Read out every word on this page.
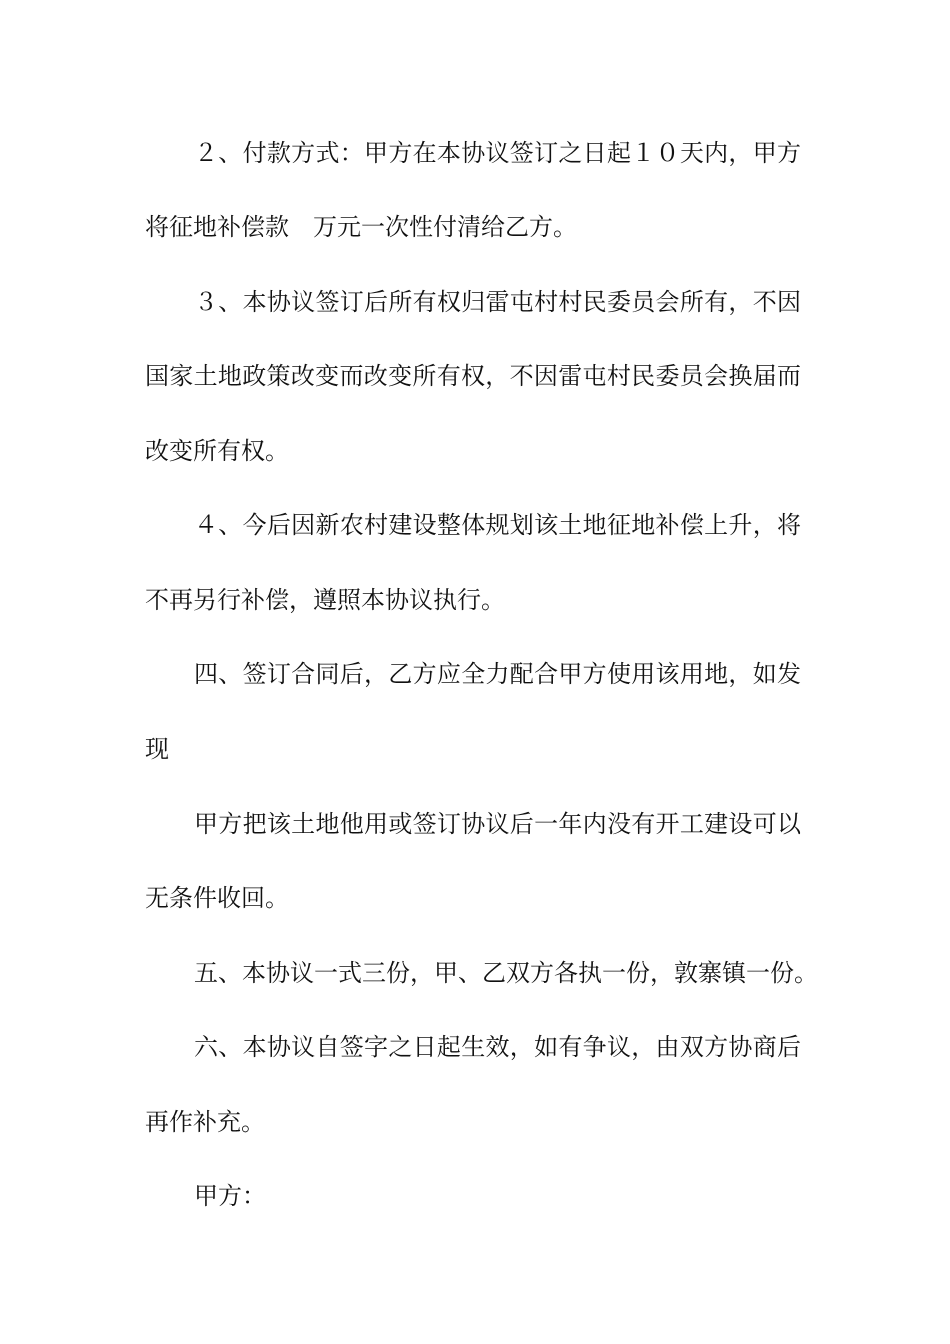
２、付款方式：甲方在本协议签订之日起１０天内，甲方
将征地补偿款　万元一次性付清给乙方。
３、本协议签订后所有权归雷屯村村民委员会所有，不因
国家土地政策改变而改变所有权，不因雷屯村民委员会换届而
改变所有权。
４、今后因新农村建设整体规划该土地征地补偿上升，将
不再另行补偿，遵照本协议执行。
四、签订合同后，乙方应全力配合甲方使用该用地，如发
现
甲方把该土地他用或签订协议后一年内没有开工建设可以
无条件收回。
五、本协议一式三份，甲、乙双方各执一份，敦寨镇一份。
六、本协议自签字之日起生效，如有争议，由双方协商后
再作补充。
甲方：
